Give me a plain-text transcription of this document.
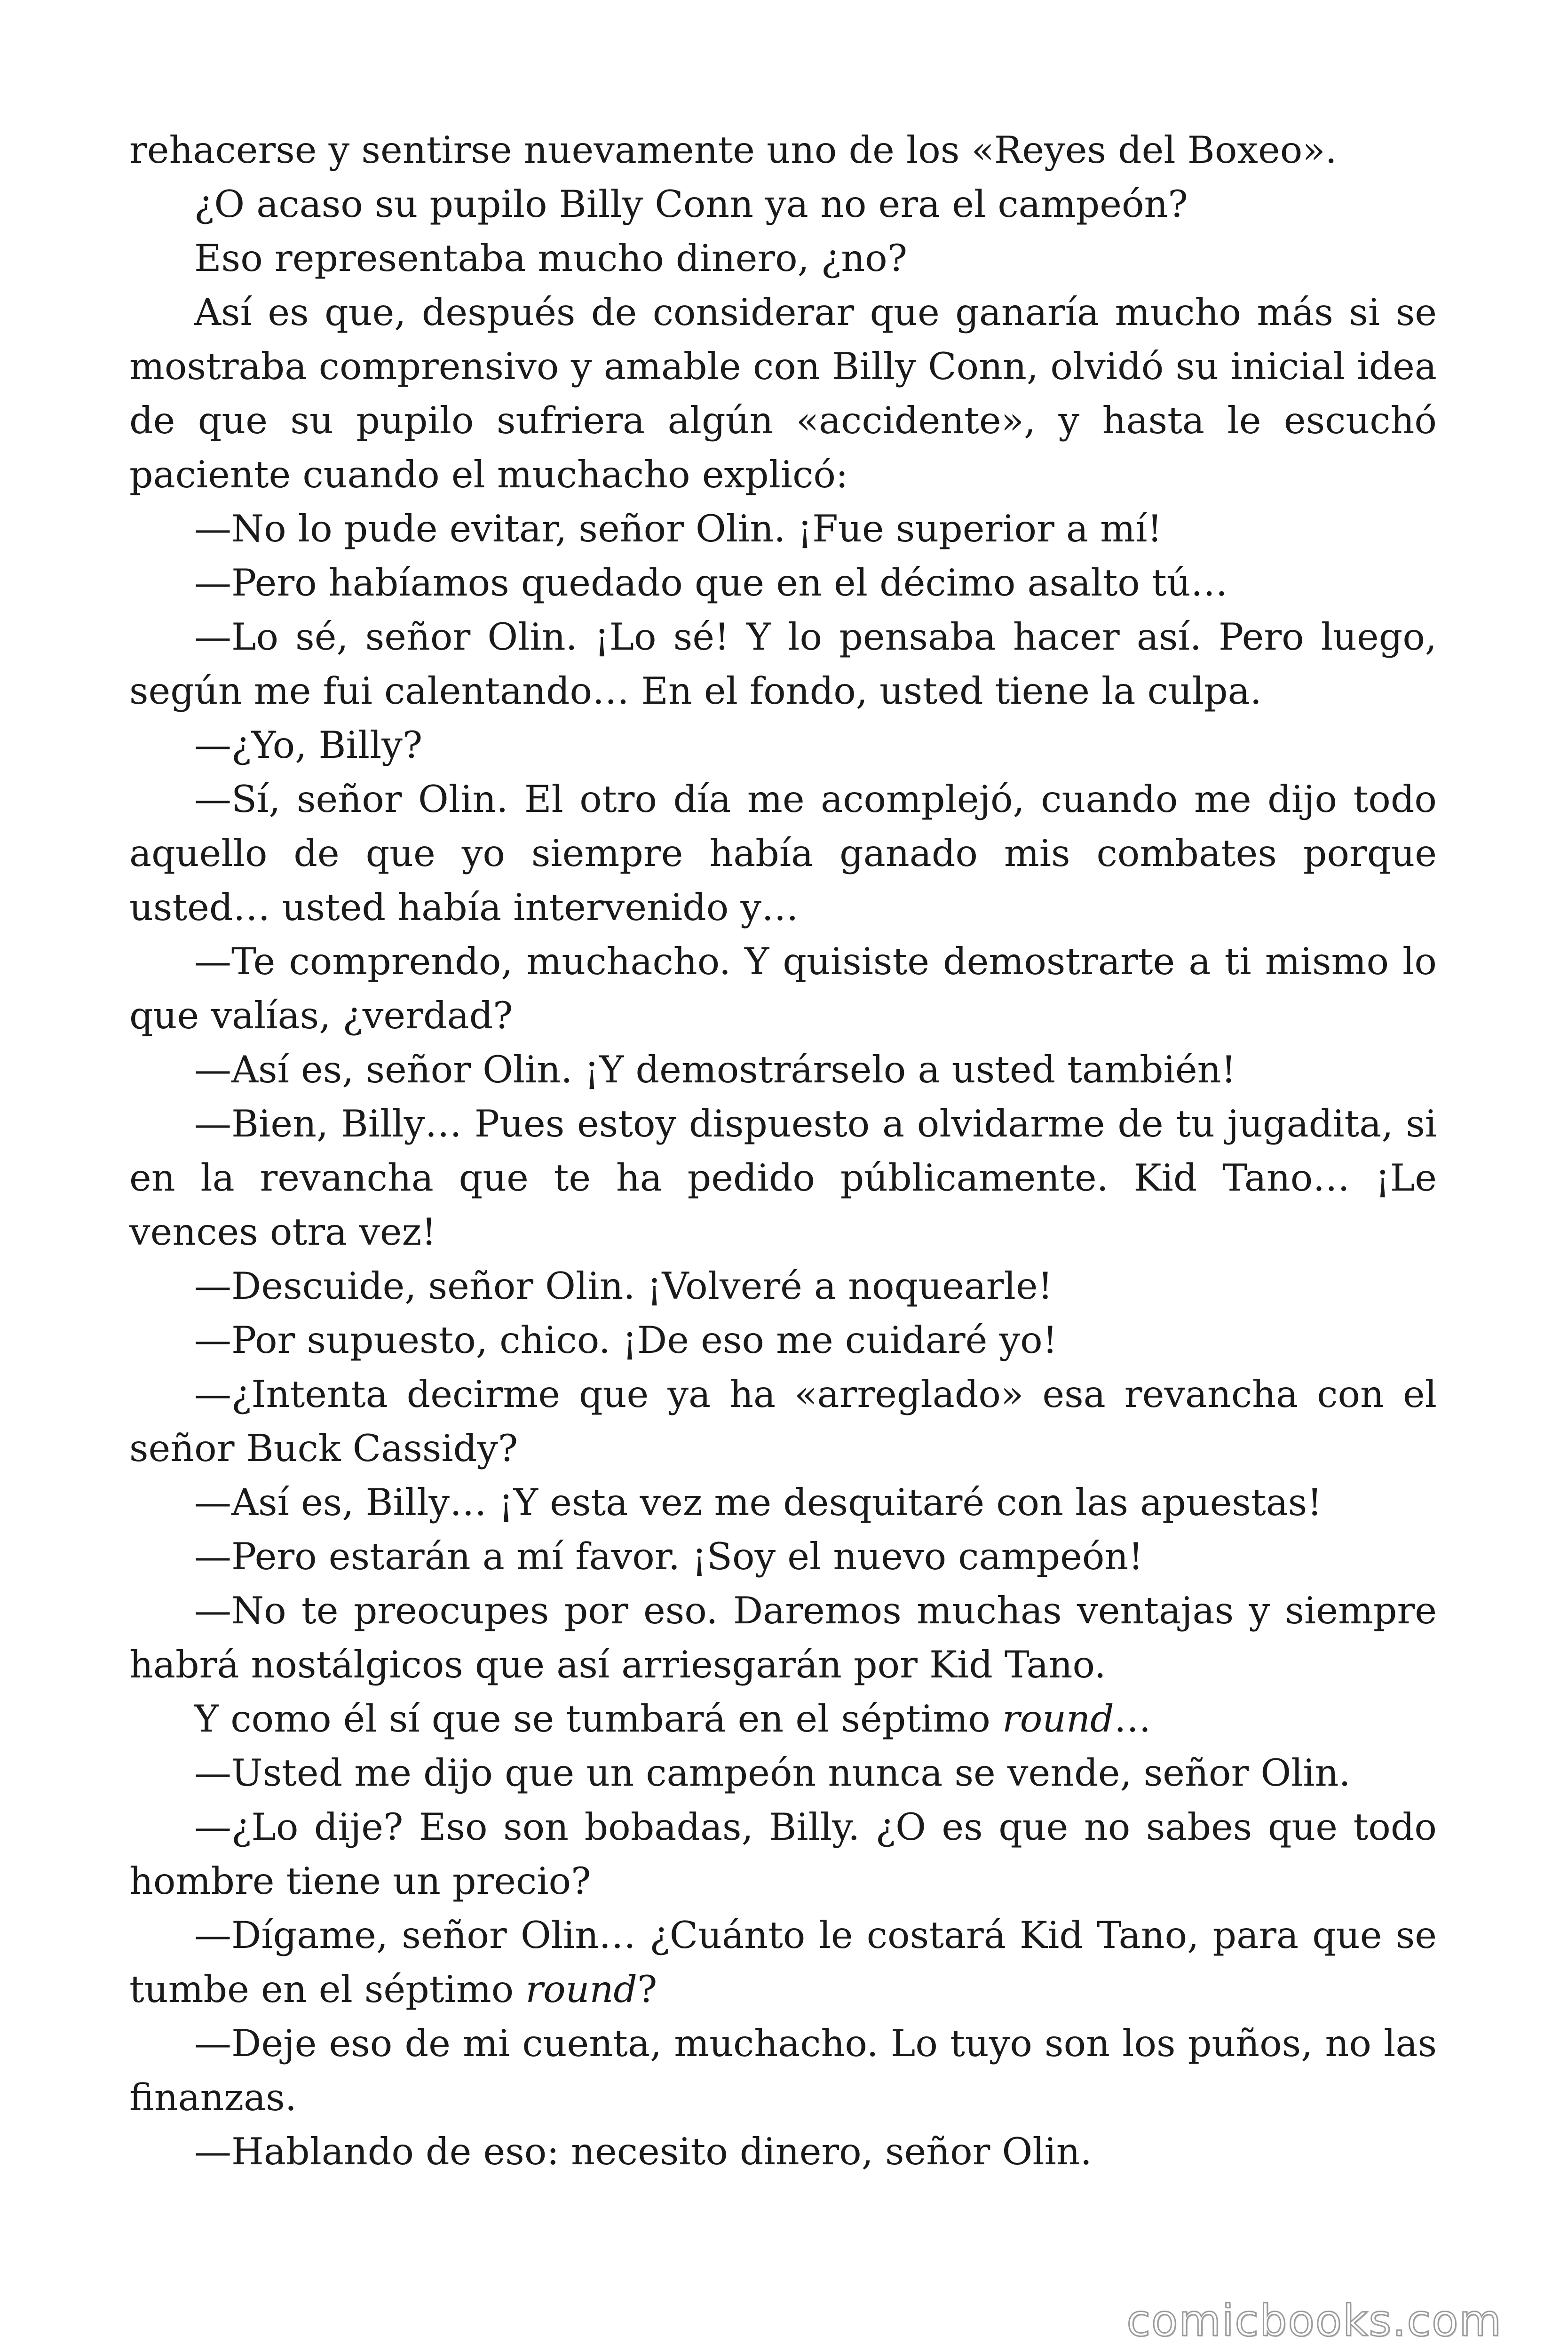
rehacerse y sentirse nuevamente uno de los «Reyes del Boxeo».

¿O acaso su pupilo Billy Conn ya no era el campeón?

Eso representaba mucho dinero, ¿no?

Así es que, después de considerar que ganaría mucho más si se mostraba comprensivo y amable con Billy Conn, olvidó su inicial idea de que su pupilo sufriera algún «accidente», y hasta le escuchó paciente cuando el muchacho explicó:

—No lo pude evitar, señor Olin. ¡Fue superior a mí!

—Pero habíamos quedado que en el décimo asalto tú…

—Lo sé, señor Olin. ¡Lo sé! Y lo pensaba hacer así. Pero luego, según me fui calentando… En el fondo, usted tiene la culpa.

—¿Yo, Billy?

—Sí, señor Olin. El otro día me acomplejó, cuando me dijo todo aquello de que yo siempre había ganado mis combates porque usted… usted había intervenido y…

—Te comprendo, muchacho. Y quisiste demostrarte a ti mismo lo que valías, ¿verdad?

—Así es, señor Olin. ¡Y demostrárselo a usted también!

—Bien, Billy… Pues estoy dispuesto a olvidarme de tu jugadita, si en la revancha que te ha pedido públicamente. Kid Tano… ¡Le vences otra vez!

—Descuide, señor Olin. ¡Volveré a noquearle!

—Por supuesto, chico. ¡De eso me cuidaré yo!

—¿Intenta decirme que ya ha «arreglado» esa revancha con el señor Buck Cassidy?

—Así es, Billy… ¡Y esta vez me desquitaré con las apuestas!

—Pero estarán a mí favor. ¡Soy el nuevo campeón!

—No te preocupes por eso. Daremos muchas ventajas y siempre habrá nostálgicos que así arriesgarán por Kid Tano.

Y como él sí que se tumbará en el séptimo round…

—Usted me dijo que un campeón nunca se vende, señor Olin.

—¿Lo dije? Eso son bobadas, Billy. ¿O es que no sabes que todo hombre tiene un precio?

—Dígame, señor Olin… ¿Cuánto le costará Kid Tano, para que se tumbe en el séptimo round?

—Deje eso de mi cuenta, muchacho. Lo tuyo son los puños, no las finanzas.

—Hablando de eso: necesito dinero, señor Olin.

comicbooks.com
